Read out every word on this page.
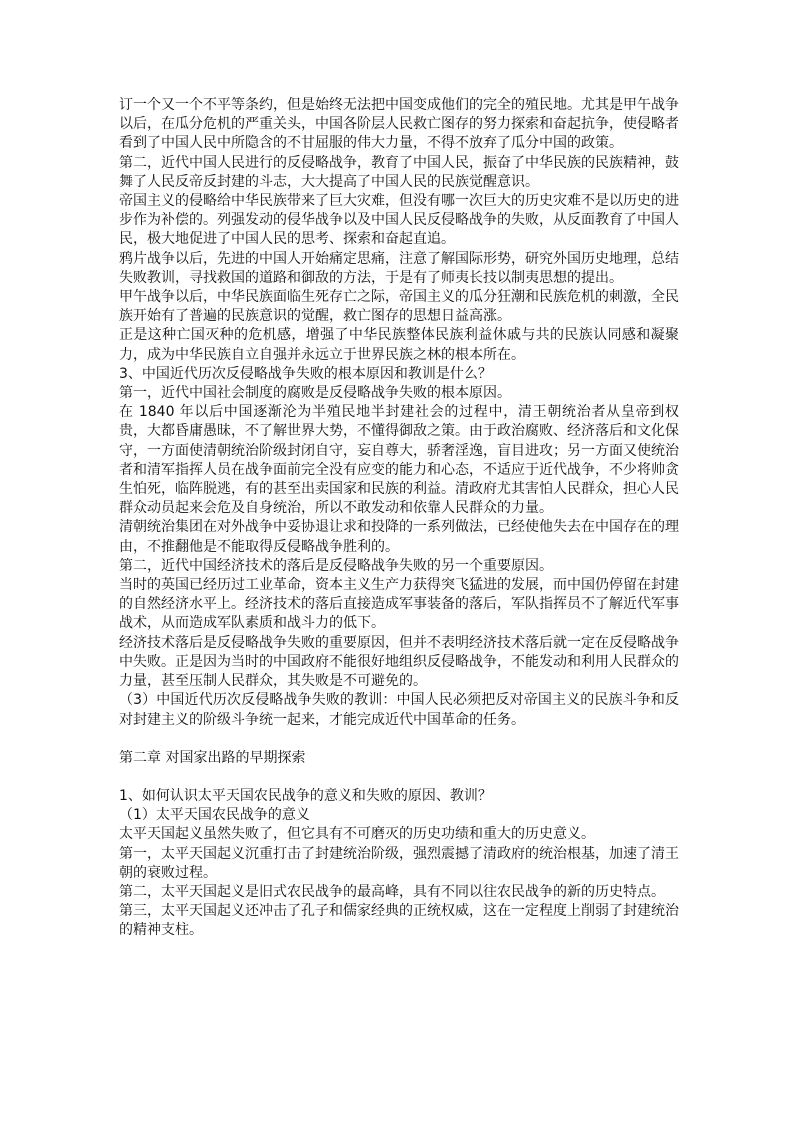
订一个又一个不平等条约，但是始终无法把中国变成他们的完全的殖民地。尤其是甲午战争以后，在瓜分危机的严重关头，中国各阶层人民救亡图存的努力探索和奋起抗争，使侵略者看到了中国人民中所隐含的不甘屈服的伟大力量，不得不放弃了瓜分中国的政策。

第二，近代中国人民进行的反侵略战争，教育了中国人民，振奋了中华民族的民族精神，鼓舞了人民反帝反封建的斗志，大大提高了中国人民的民族觉醒意识。

帝国主义的侵略给中华民族带来了巨大灾难，但没有哪一次巨大的历史灾难不是以历史的进步作为补偿的。列强发动的侵华战争以及中国人民反侵略战争的失败，从反面教育了中国人民，极大地促进了中国人民的思考、探索和奋起直追。

鸦片战争以后，先进的中国人开始痛定思痛，注意了解国际形势，研究外国历史地理，总结失败教训，寻找救国的道路和御敌的方法，于是有了师夷长技以制夷思想的提出。

甲午战争以后，中华民族面临生死存亡之际，帝国主义的瓜分狂潮和民族危机的刺激，全民族开始有了普遍的民族意识的觉醒，救亡图存的思想日益高涨。

正是这种亡国灭种的危机感，增强了中华民族整体民族利益休戚与共的民族认同感和凝聚力，成为中华民族自立自强并永远立于世界民族之林的根本所在。

3、中国近代历次反侵略战争失败的根本原因和教训是什么？

第一，近代中国社会制度的腐败是反侵略战争失败的根本原因。

在 1840 年以后中国逐渐沦为半殖民地半封建社会的过程中，清王朝统治者从皇帝到权贵，大都昏庸愚昧，不了解世界大势，不懂得御敌之策。由于政治腐败、经济落后和文化保守，一方面使清朝统治阶级封闭自守，妄自尊大，骄奢淫逸，盲目进攻；另一方面又使统治者和清军指挥人员在战争面前完全没有应变的能力和心态，不适应于近代战争，不少将帅贪生怕死，临阵脱逃，有的甚至出卖国家和民族的利益。清政府尤其害怕人民群众，担心人民群众动员起来会危及自身统治，所以不敢发动和依靠人民群众的力量。

清朝统治集团在对外战争中妥协退让求和投降的一系列做法，已经使他失去在中国存在的理由，不推翻他是不能取得反侵略战争胜利的。

第二，近代中国经济技术的落后是反侵略战争失败的另一个重要原因。

当时的英国已经历过工业革命，资本主义生产力获得突飞猛进的发展，而中国仍停留在封建的自然经济水平上。经济技术的落后直接造成军事装备的落后，军队指挥员不了解近代军事战术，从而造成军队素质和战斗力的低下。

经济技术落后是反侵略战争失败的重要原因，但并不表明经济技术落后就一定在反侵略战争中失败。正是因为当时的中国政府不能很好地组织反侵略战争，不能发动和利用人民群众的力量，甚至压制人民群众，其失败是不可避免的。

（3）中国近代历次反侵略战争失败的教训：中国人民必须把反对帝国主义的民族斗争和反对封建主义的阶级斗争统一起来，才能完成近代中国革命的任务。

第二章 对国家出路的早期探索

1、如何认识太平天国农民战争的意义和失败的原因、教训？

（1）太平天国农民战争的意义

太平天国起义虽然失败了，但它具有不可磨灭的历史功绩和重大的历史意义。

第一，太平天国起义沉重打击了封建统治阶级，强烈震撼了清政府的统治根基，加速了清王朝的衰败过程。

第二，太平天国起义是旧式农民战争的最高峰，具有不同以往农民战争的新的历史特点。

第三，太平天国起义还冲击了孔子和儒家经典的正统权威，这在一定程度上削弱了封建统治的精神支柱。
